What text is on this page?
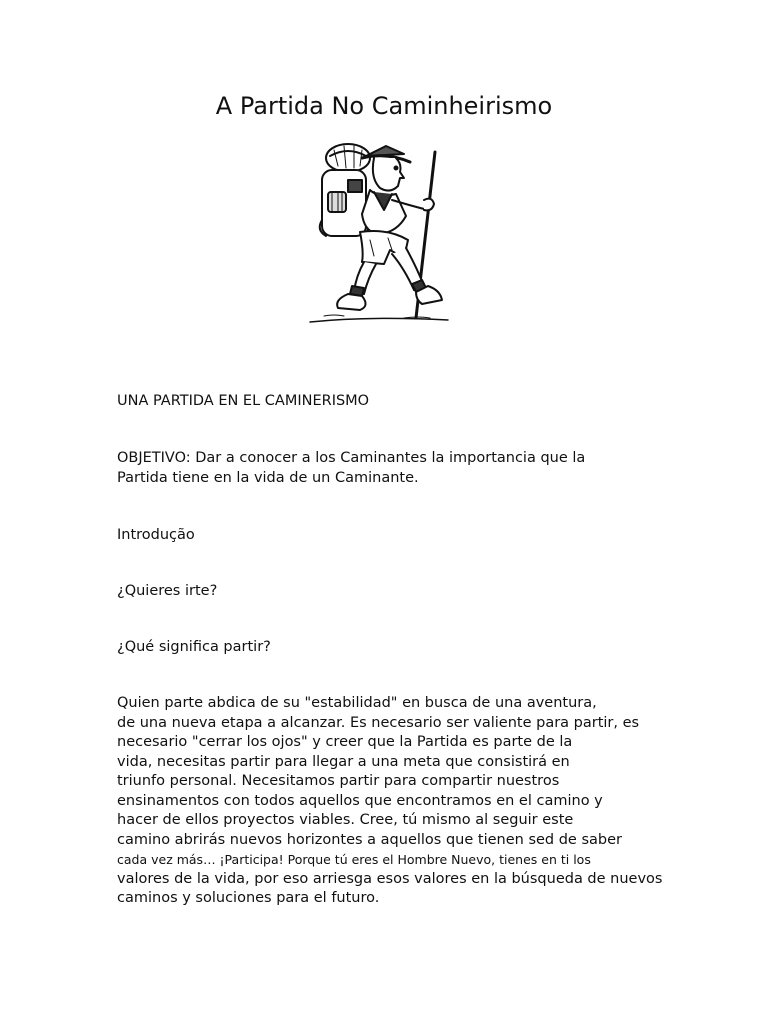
A Partida No Caminheirismo

UNA PARTIDA EN EL CAMINERISMO

OBJETIVO: Dar a conocer a los Caminantes la importancia que la
Partida tiene en la vida de un Caminante.

Introdução

¿Quieres irte?

¿Qué significa partir?

Quien parte abdica de su "estabilidad" en busca de una aventura,
de una nueva etapa a alcanzar. Es necesario ser valiente para partir, es
necesario "cerrar los ojos" y creer que la Partida es parte de la
vida, necesitas partir para llegar a una meta que consistirá en
triunfo personal. Necesitamos partir para compartir nuestros
ensinamentos con todos aquellos que encontramos en el camino y
hacer de ellos proyectos viables. Cree, tú mismo al seguir este
camino abrirás nuevos horizontes a aquellos que tienen sed de saber
cada vez más… ¡Participa! Porque tú eres el Hombre Nuevo, tienes en ti los
valores de la vida, por eso arriesga esos valores en la búsqueda de nuevos
caminos y soluciones para el futuro.
